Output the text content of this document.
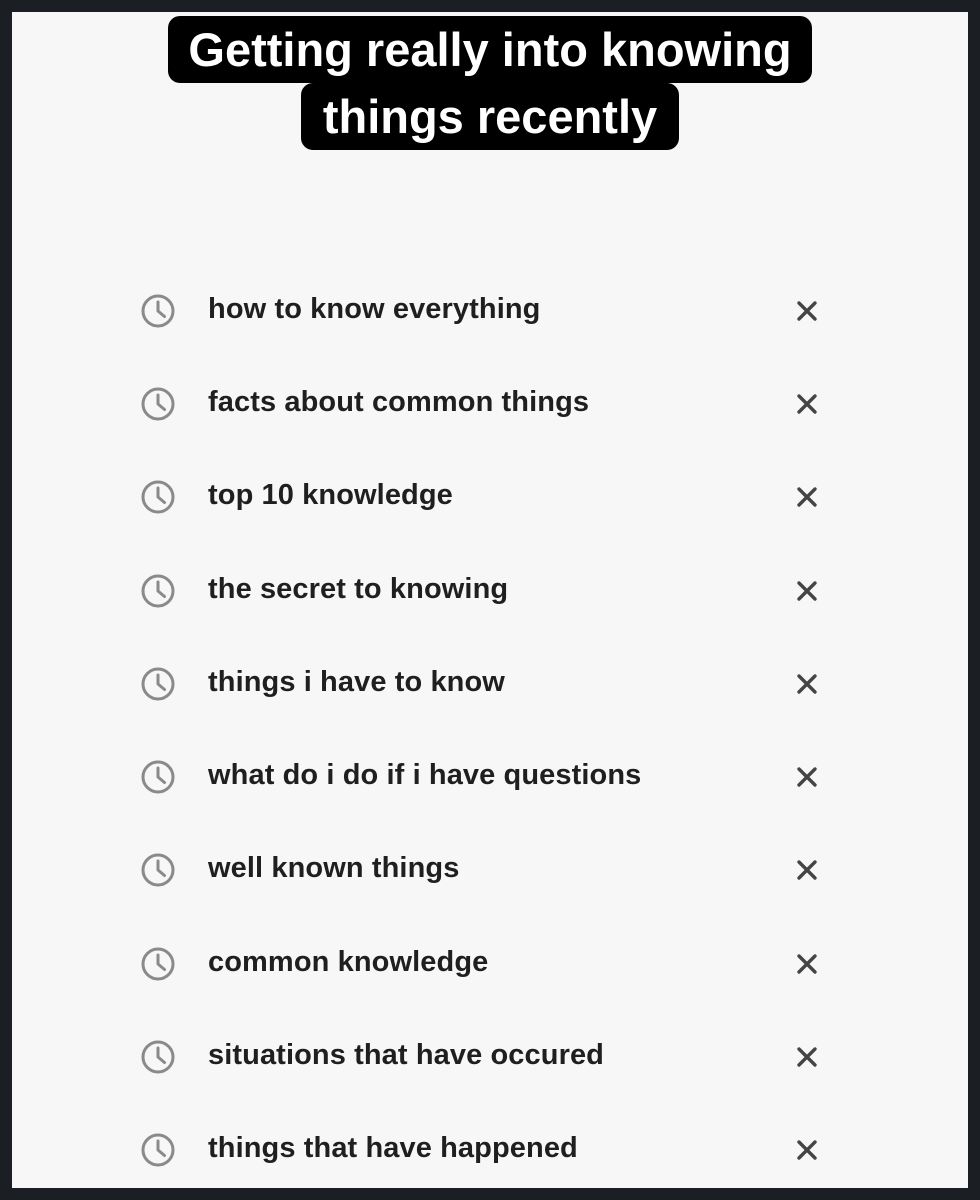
Getting really into knowing
things recently
how to know everything
facts about common things
top 10 knowledge
the secret to knowing
things i have to know
what do i do if i have questions
well known things
common knowledge
situations that have occured
things that have happened
